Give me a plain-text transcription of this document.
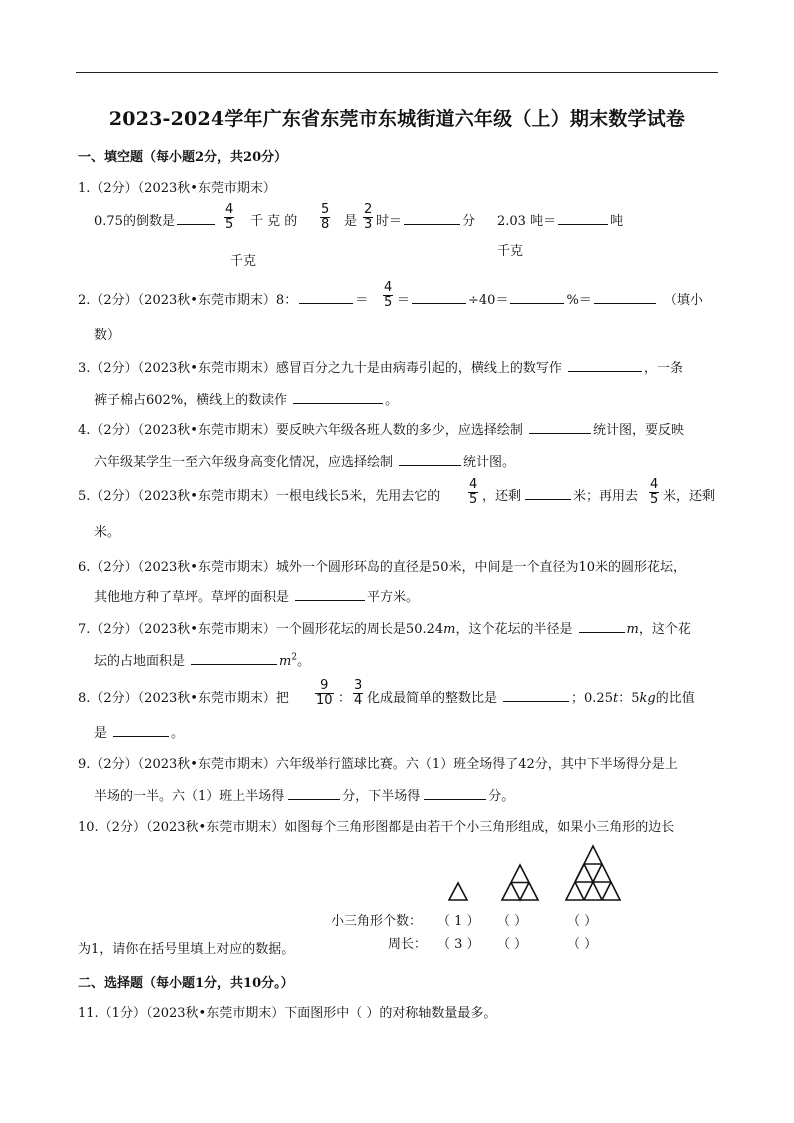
2023-2024学年广东省东莞市东城街道六年级（上）期末数学试卷
一、填空题（每小题2分，共20分）
1.（2分）（2023秋•东莞市期末）
0.75的倒数是	$\frac{4}{5}$ 千 克 的 $\frac{5}{8}$ 是 $\frac{2}{3}$ 时＝	分 2.03 吨＝	吨
千克
千克
2.（2分）（2023秋•东莞市期末）8：	＝ $\frac{4}{5}$ ＝	÷40＝	%＝	（填小
数）
3.（2分）（2023秋•东莞市期末）感冒百分之九十是由病毒引起的，横线上的数写作	，一条
裤子棉占602%，横线上的数读作	。
4.（2分）（2023秋•东莞市期末）要反映六年级各班人数的多少，应选择绘制	统计图，要反映
六年级某学生一至六年级身高变化情况，应选择绘制	统计图。
5.（2分）（2023秋•东莞市期末）一根电线长5米，先用去它的 $\frac{4}{5}$ ，还剩	米；再用去 $\frac{4}{5}$ 米，还剩
米。
6.（2分）（2023秋•东莞市期末）城外一个圆形环岛的直径是50米，中间是一个直径为10米的圆形花坛，
其他地方种了草坪。草坪的面积是	平方米。
7.（2分）（2023秋•东莞市期末）一个圆形花坛的周长是50.24m，这个花坛的半径是	m，这个花
坛的占地面积是	$m^2$。
8.（2分）（2023秋•东莞市期末）把 $\frac{9}{10}$ ： $\frac{3}{4}$ 化成最简单的整数比是	；0.25t：5kg的比值
是	。
9.（2分）（2023秋•东莞市期末）六年级举行篮球比赛。六（1）班全场得了42分，其中下半场得分是上
半场的一半。六（1）班上半场得	分，下半场得	分。
10.（2分）（2023秋•东莞市期末）如图每个三角形图都是由若干个小三角形组成，如果小三角形的边长
小三角形个数： （ 1 ） （ ）	（ ）
为1，请你在括号里填上对应的数据。	周长： （ 3 ） （ ）	（ ）
二、选择题（每小题1分，共10分。）
11.（1分）（2023秋•东莞市期末）下面图形中（ ）的对称轴数量最多。
